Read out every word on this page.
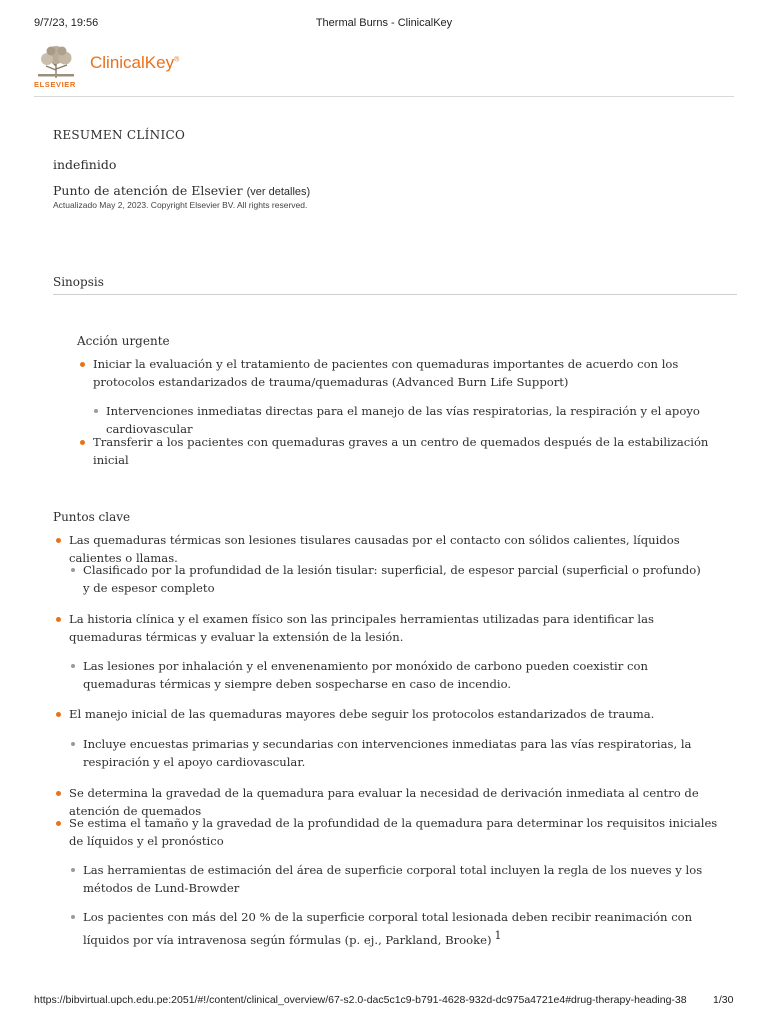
9/7/23, 19:56	Thermal Burns - ClinicalKey
ELSEVIER
ClinicalKey®
RESUMEN CLÍNICO
indefinido
Punto de atención de Elsevier (ver detalles)
Actualizado May 2, 2023. Copyright Elsevier BV. All rights reserved.
Sinopsis
Acción urgente
Iniciar la evaluación y el tratamiento de pacientes con quemaduras importantes de acuerdo con los protocolos estandarizados de trauma/quemaduras (Advanced Burn Life Support)
Intervenciones inmediatas directas para el manejo de las vías respiratorias, la respiración y el apoyo cardiovascular
Transferir a los pacientes con quemaduras graves a un centro de quemados después de la estabilización inicial
Puntos clave
Las quemaduras térmicas son lesiones tisulares causadas por el contacto con sólidos calientes, líquidos calientes o llamas.
Clasificado por la profundidad de la lesión tisular: superficial, de espesor parcial (superficial o profundo) y de espesor completo
La historia clínica y el examen físico son las principales herramientas utilizadas para identificar las quemaduras térmicas y evaluar la extensión de la lesión.
Las lesiones por inhalación y el envenenamiento por monóxido de carbono pueden coexistir con quemaduras térmicas y siempre deben sospecharse en caso de incendio.
El manejo inicial de las quemaduras mayores debe seguir los protocolos estandarizados de trauma.
Incluye encuestas primarias y secundarias con intervenciones inmediatas para las vías respiratorias, la respiración y el apoyo cardiovascular.
Se determina la gravedad de la quemadura para evaluar la necesidad de derivación inmediata al centro de atención de quemados
Se estima el tamaño y la gravedad de la profundidad de la quemadura para determinar los requisitos iniciales de líquidos y el pronóstico
Las herramientas de estimación del área de superficie corporal total incluyen la regla de los nueves y los métodos de Lund-Browder
Los pacientes con más del 20 % de la superficie corporal total lesionada deben recibir reanimación con líquidos por vía intravenosa según fórmulas (p. ej., Parkland, Brooke) $^1$
https://bibvirtual.upch.edu.pe:2051/#!/content/clinical_overview/67-s2.0-dac5c1c9-b791-4628-932d-dc975a4721e4#drug-therapy-heading-38	1/30
